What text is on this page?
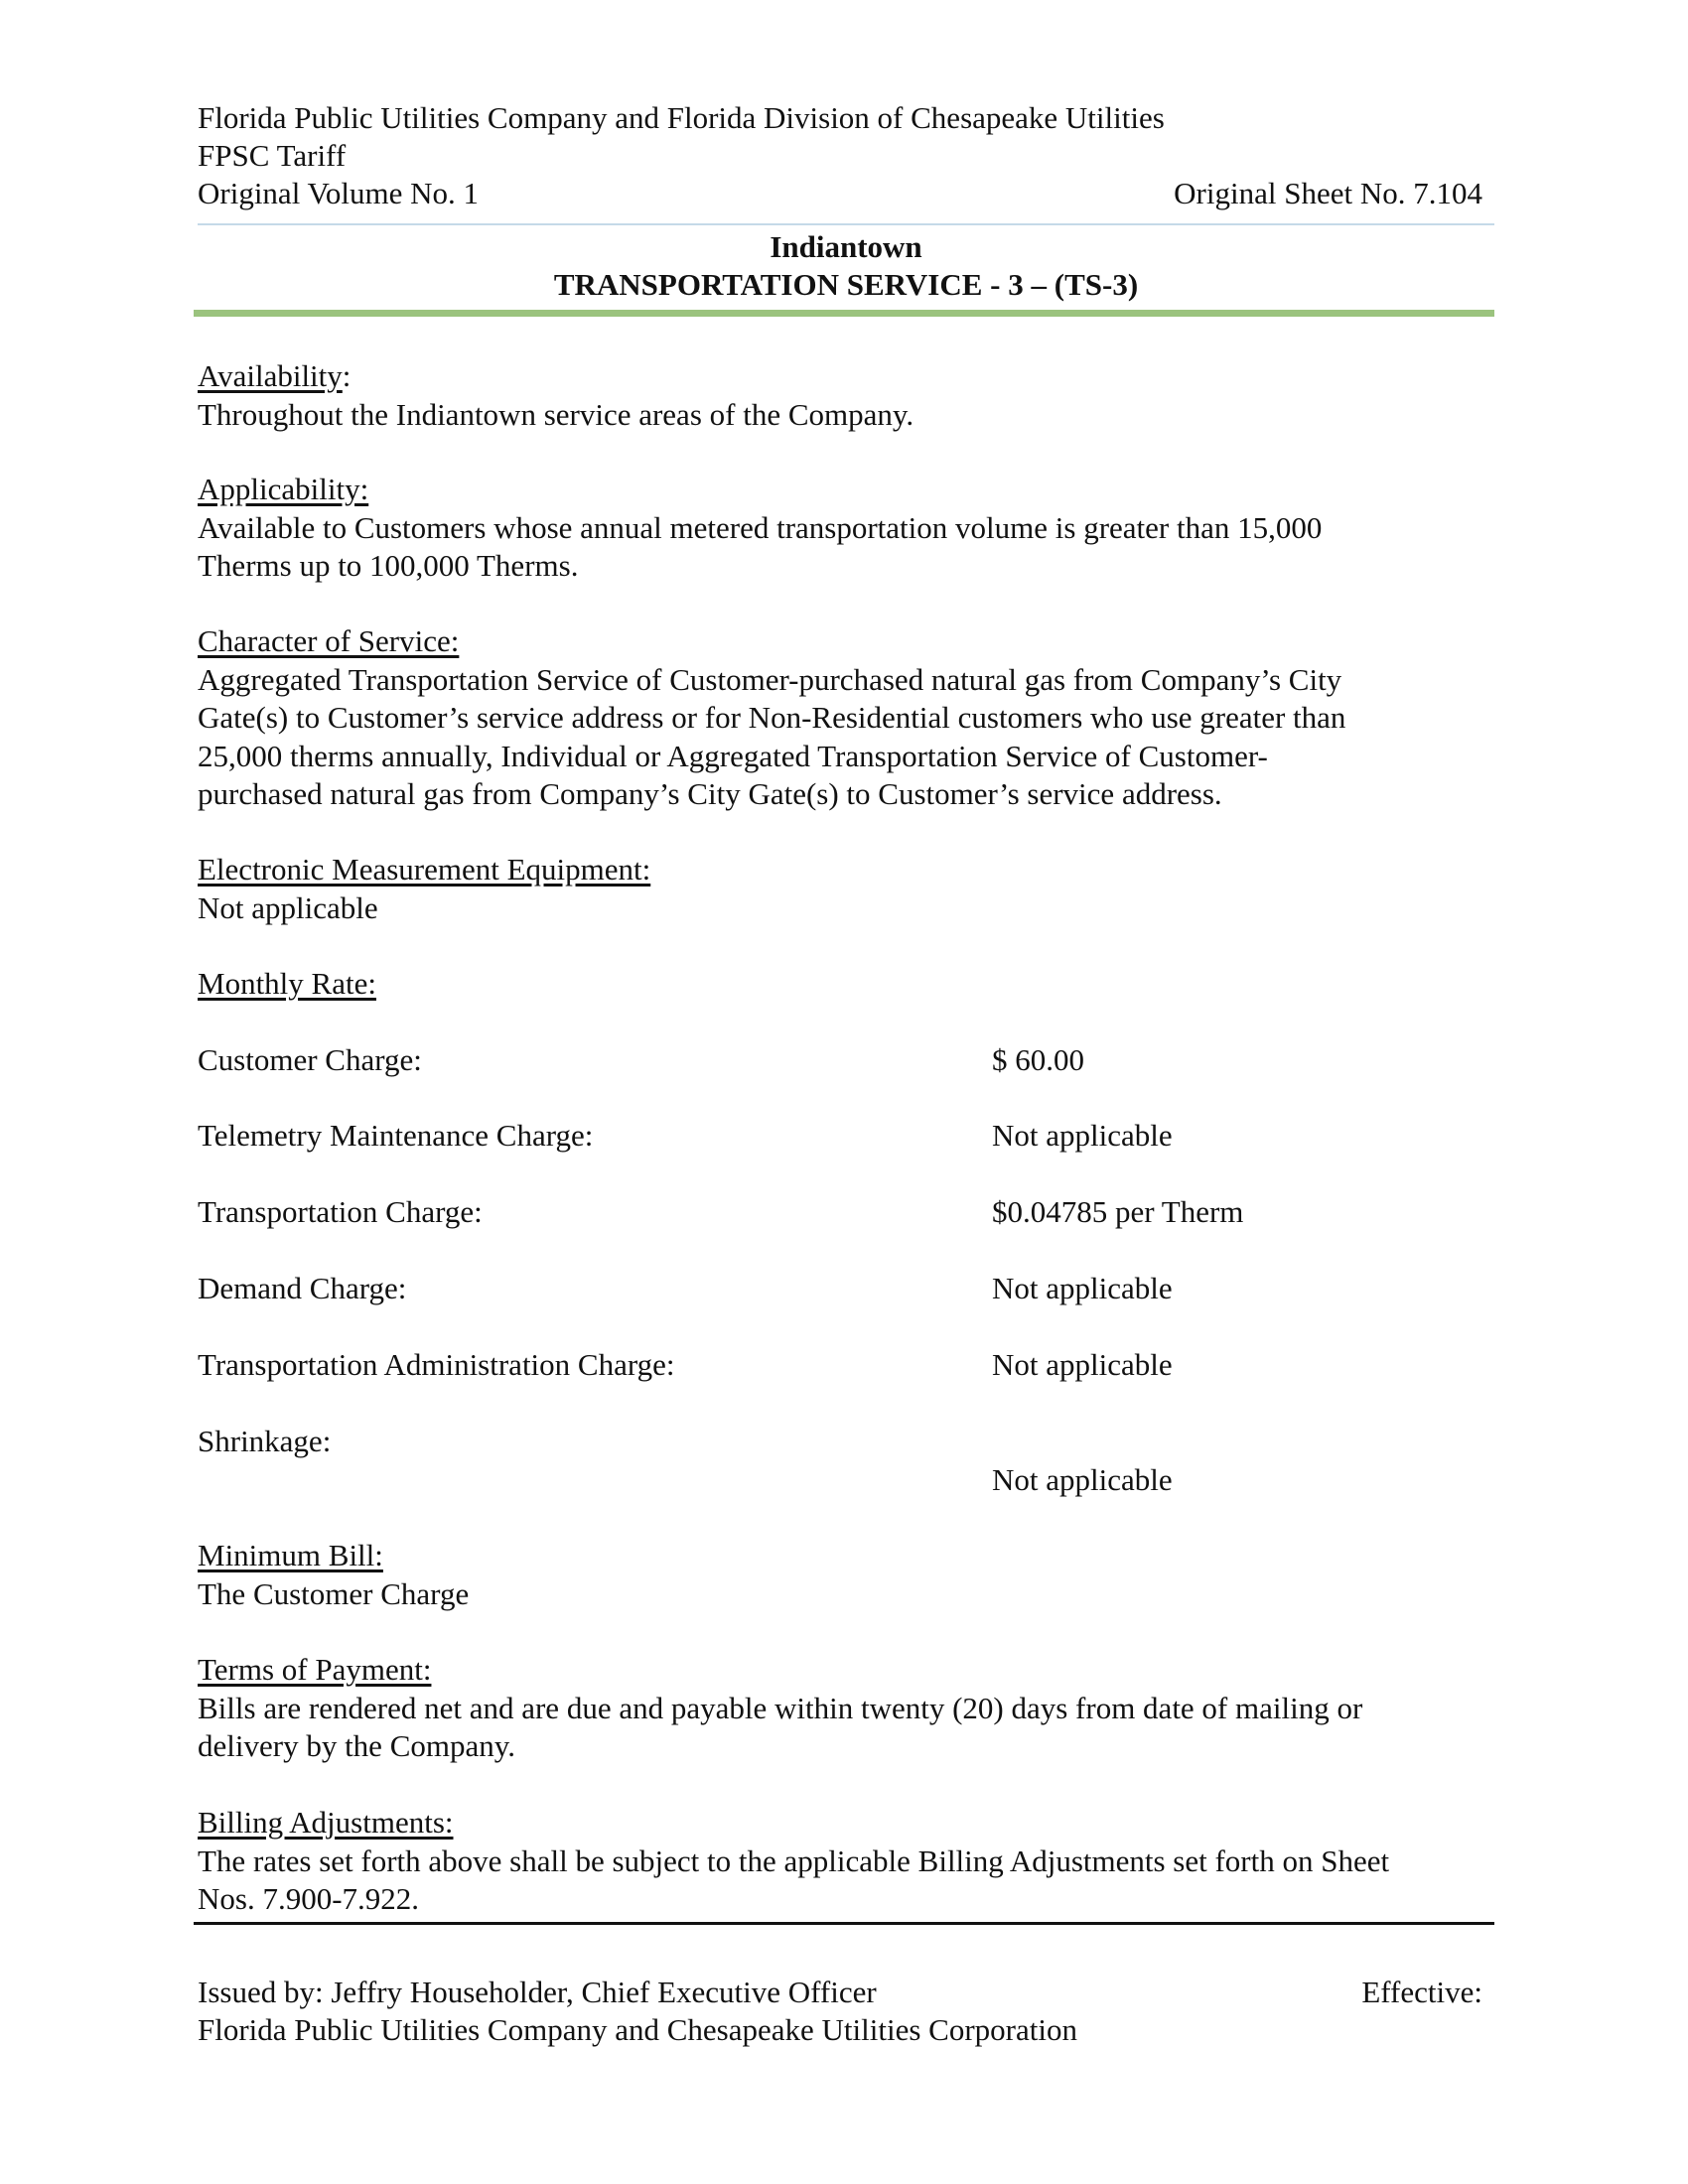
Florida Public Utilities Company and Florida Division of Chesapeake Utilities
FPSC Tariff
Original Volume No. 1	Original Sheet No. 7.104
Indiantown
TRANSPORTATION SERVICE - 3 – (TS-3)
Availability:
Throughout the Indiantown service areas of the Company.
Applicability:
Available to Customers whose annual metered transportation volume is greater than 15,000
Therms up to 100,000 Therms.
Character of Service:
Aggregated Transportation Service of Customer-purchased natural gas from Company’s City
Gate(s) to Customer’s service address or for Non-Residential customers who use greater than
25,000 therms annually, Individual or Aggregated Transportation Service of Customer-
purchased natural gas from Company’s City Gate(s) to Customer’s service address.
Electronic Measurement Equipment:
Not applicable
Monthly Rate:
Customer Charge:	$ 60.00
Telemetry Maintenance Charge:	Not applicable
Transportation Charge:	$0.04785 per Therm
Demand Charge:	Not applicable
Transportation Administration Charge:	Not applicable
Shrinkage:
Not applicable
Minimum Bill:
The Customer Charge
Terms of Payment:
Bills are rendered net and are due and payable within twenty (20) days from date of mailing or
delivery by the Company.
Billing Adjustments:
The rates set forth above shall be subject to the applicable Billing Adjustments set forth on Sheet
Nos. 7.900-7.922.
Issued by: Jeffry Householder, Chief Executive Officer	Effective:
Florida Public Utilities Company and Chesapeake Utilities Corporation
